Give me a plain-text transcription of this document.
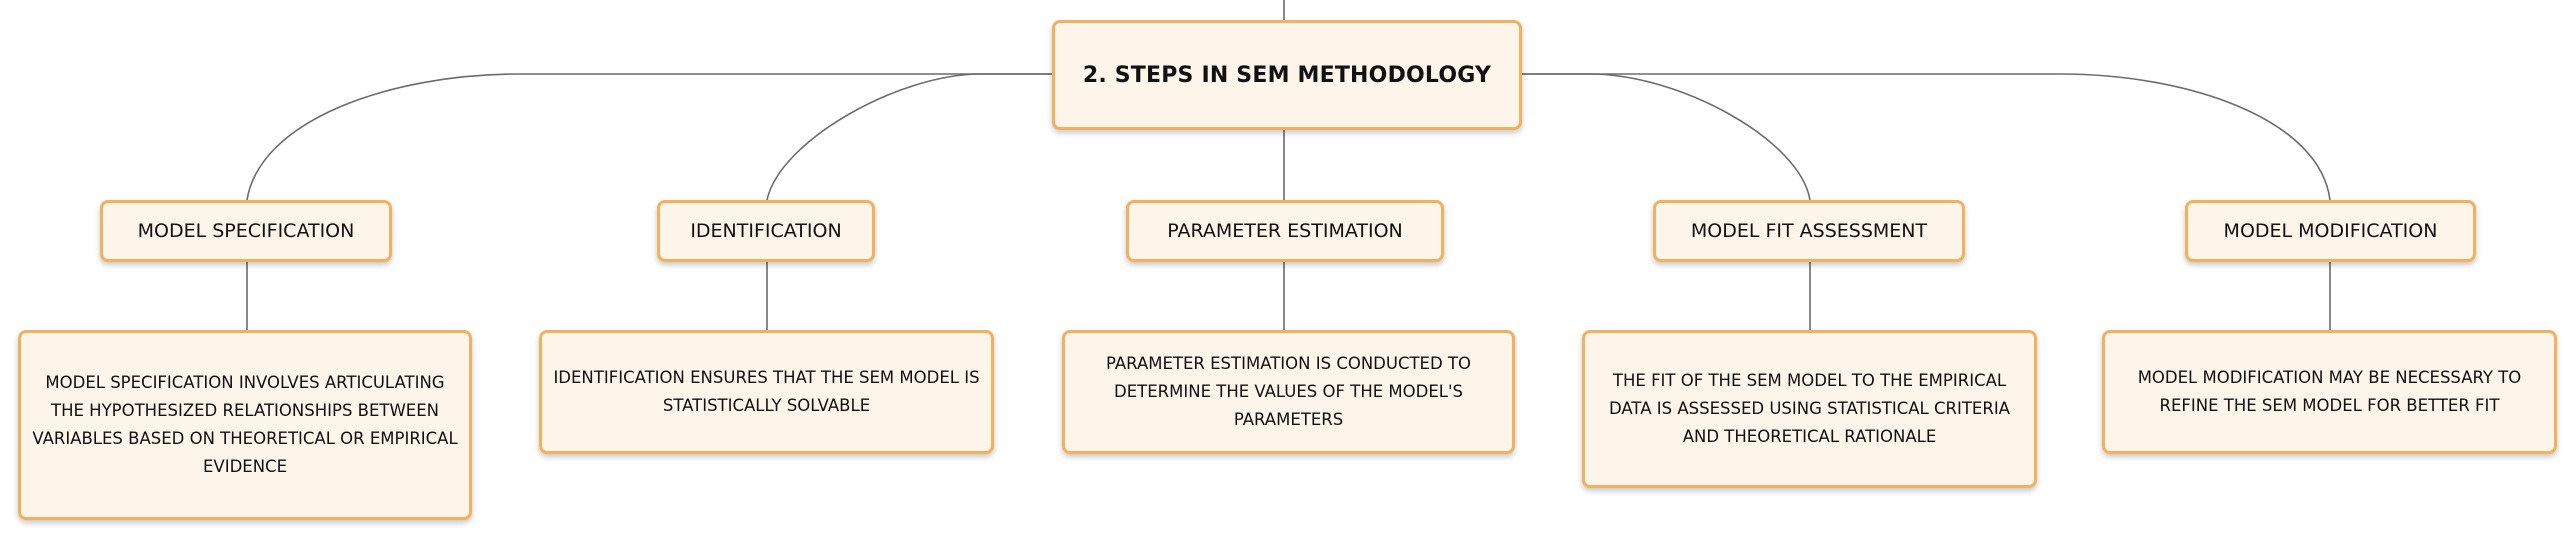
2. STEPS IN SEM METHODOLOGY
MODEL SPECIFICATION	IDENTIFICATION	PARAMETER ESTIMATION	MODEL FIT ASSESSMENT	MODEL MODIFICATION
MODEL SPECIFICATION INVOLVES ARTICULATING THE HYPOTHESIZED RELATIONSHIPS BETWEEN VARIABLES BASED ON THEORETICAL OR EMPIRICAL EVIDENCE
IDENTIFICATION ENSURES THAT THE SEM MODEL IS STATISTICALLY SOLVABLE
PARAMETER ESTIMATION IS CONDUCTED TO DETERMINE THE VALUES OF THE MODEL'S PARAMETERS
THE FIT OF THE SEM MODEL TO THE EMPIRICAL DATA IS ASSESSED USING STATISTICAL CRITERIA AND THEORETICAL RATIONALE
MODEL MODIFICATION MAY BE NECESSARY TO REFINE THE SEM MODEL FOR BETTER FIT
